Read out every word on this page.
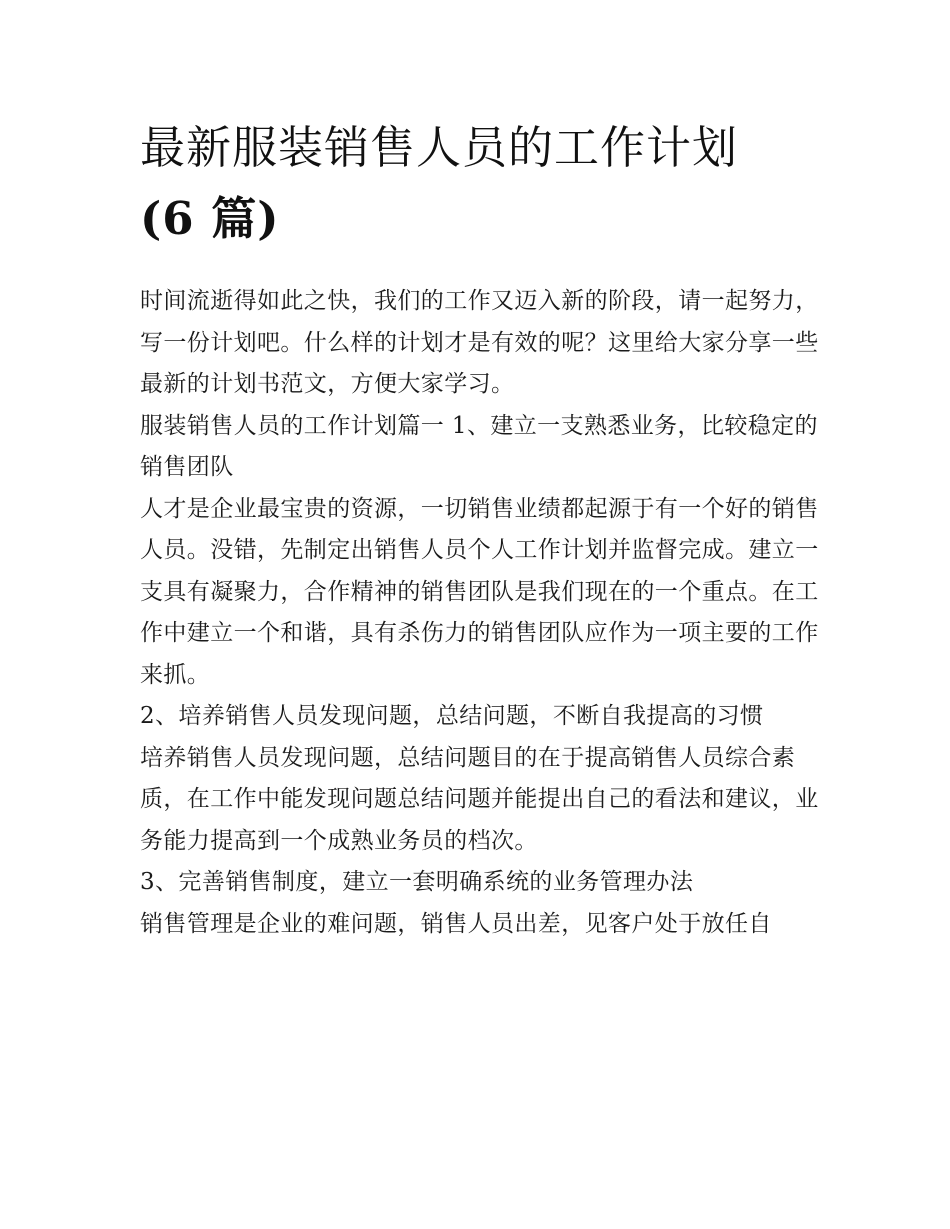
最新服装销售人员的工作计划
(6 篇)

时间流逝得如此之快，我们的工作又迈入新的阶段，请一起努力，写一份计划吧。什么样的计划才是有效的呢？这里给大家分享一些最新的计划书范文，方便大家学习。

服装销售人员的工作计划篇一 1、建立一支熟悉业务，比较稳定的销售团队

人才是企业最宝贵的资源，一切销售业绩都起源于有一个好的销售人员。没错，先制定出销售人员个人工作计划并监督完成。建立一支具有凝聚力，合作精神的销售团队是我们现在的一个重点。在工作中建立一个和谐，具有杀伤力的销售团队应作为一项主要的工作来抓。

2、培养销售人员发现问题，总结问题，不断自我提高的习惯

培养销售人员发现问题，总结问题目的在于提高销售人员综合素质，在工作中能发现问题总结问题并能提出自己的看法和建议，业务能力提高到一个成熟业务员的档次。

3、完善销售制度，建立一套明确系统的业务管理办法

销售管理是企业的难问题，销售人员出差，见客户处于放任自
